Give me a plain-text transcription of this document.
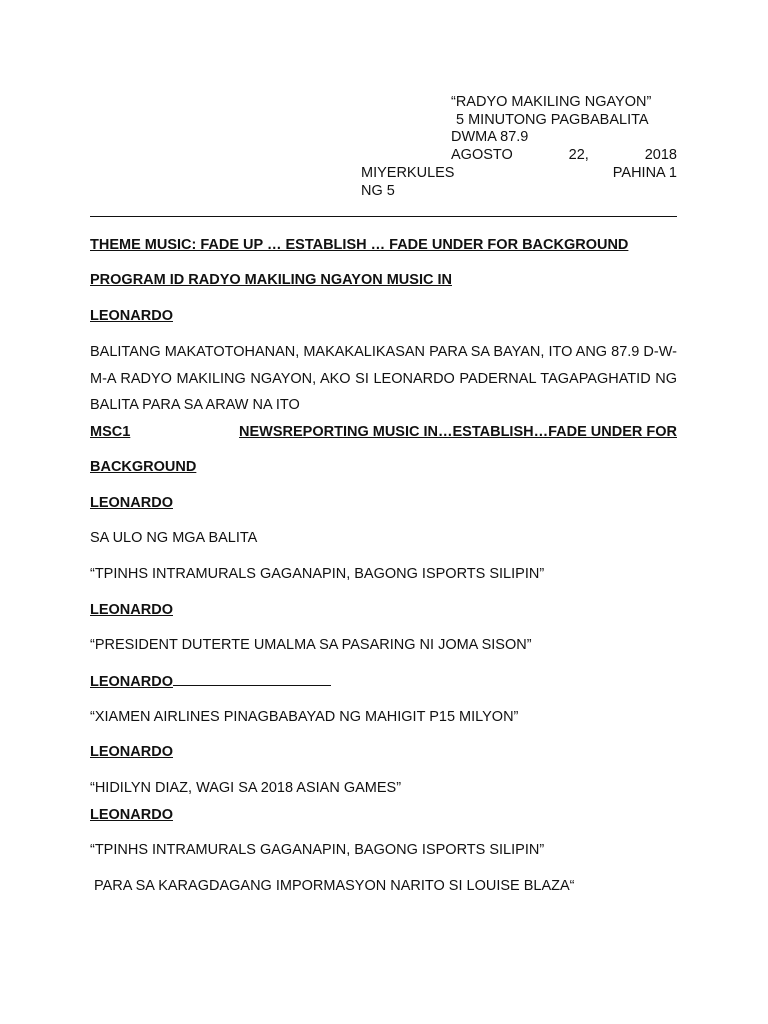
“RADYO MAKILING NGAYON”
5 MINUTONG PAGBABALITA
DWMA 87.9
AGOSTO	22,	2018
MIYERKULES	PAHINA 1
NG 5
THEME MUSIC: FADE UP … ESTABLISH … FADE UNDER FOR BACKGROUND
PROGRAM ID RADYO MAKILING NGAYON MUSIC IN
LEONARDO
BALITANG MAKATOTOHANAN, MAKAKALIKASAN PARA SA BAYAN, ITO ANG 87.9 D-W-M-A RADYO MAKILING NGAYON, AKO SI LEONARDO PADERNAL TAGAPAGHATID NG BALITA PARA SA ARAW NA ITO
MSC1	NEWSREPORTING MUSIC IN…ESTABLISH…FADE UNDER FOR
BACKGROUND
LEONARDO
SA ULO NG MGA BALITA
“TPINHS INTRAMURALS GAGANAPIN, BAGONG ISPORTS SILIPIN”
LEONARDO
“PRESIDENT DUTERTE UMALMA SA PASARING NI JOMA SISON”
LEONARDO
“XIAMEN AIRLINES PINAGBABAYAD NG MAHIGIT P15 MILYON”
LEONARDO
“HIDILYN DIAZ, WAGI SA 2018 ASIAN GAMES”
LEONARDO
“TPINHS INTRAMURALS GAGANAPIN, BAGONG ISPORTS SILIPIN”
PARA SA KARAGDAGANG IMPORMASYON NARITO SI LOUISE BLAZA“
